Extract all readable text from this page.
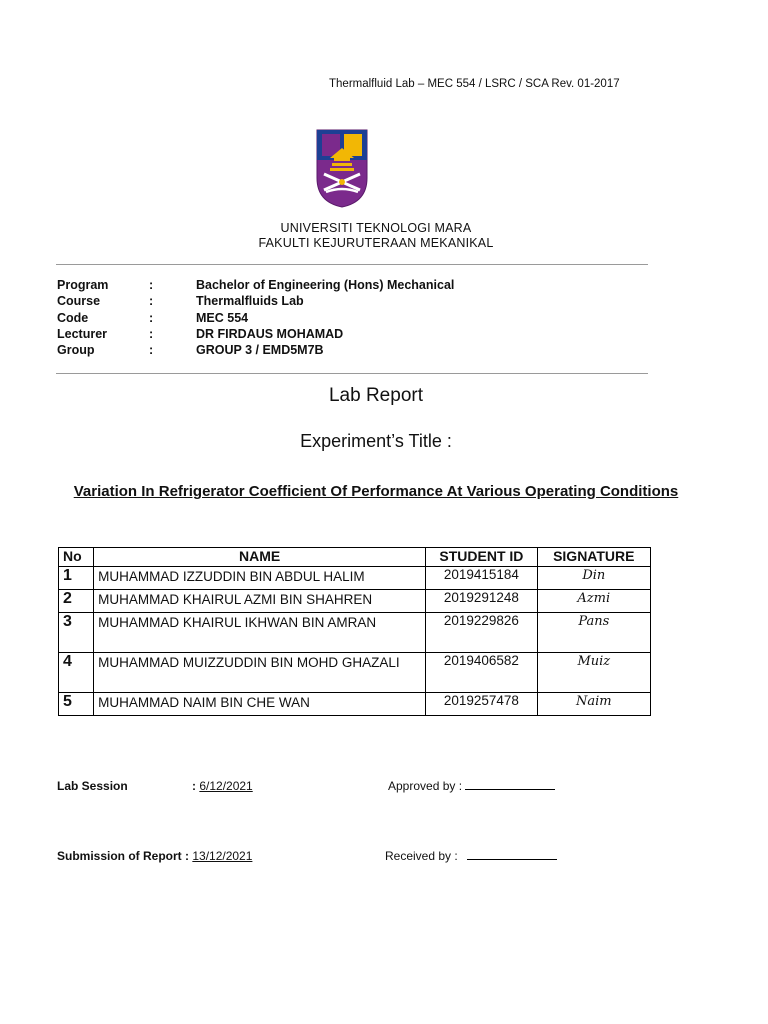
Thermalfluid Lab – MEC 554 / LSRC / SCA Rev. 01-2017
UNIVERSITI TEKNOLOGI MARA
FAKULTI KEJURUTERAAN MEKANIKAL
Program	:	Bachelor of Engineering (Hons) Mechanical
Course	:	Thermalfluids Lab
Code	:	MEC 554
Lecturer	:	DR FIRDAUS MOHAMAD
Group	:	GROUP 3 / EMD5M7B
Lab Report
Experiment’s Title :
Variation In Refrigerator Coefficient Of Performance At Various Operating Conditions
No	NAME	STUDENT ID	SIGNATURE
1	MUHAMMAD IZZUDDIN BIN ABDUL HALIM	2019415184	Din
2	MUHAMMAD KHAIRUL AZMI BIN SHAHREN	2019291248	Azmi
3	MUHAMMAD KHAIRUL IKHWAN BIN AMRAN	2019229826	Pans
4	MUHAMMAD MUIZZUDDIN BIN MOHD GHAZALI	2019406582	Muiz
5	MUHAMMAD NAIM BIN CHE WAN	2019257478	Naim
Lab Session	: 6/12/2021	Approved by :
Submission of Report : 13/12/2021	Received by :
